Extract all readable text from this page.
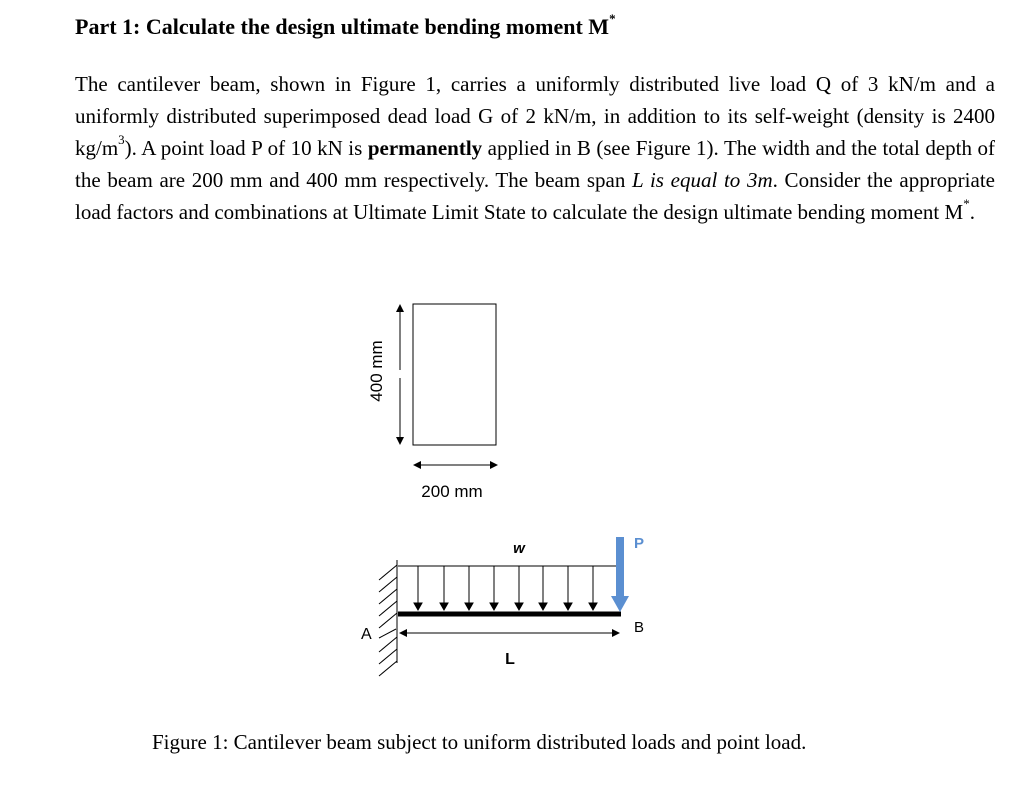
Part 1: Calculate the design ultimate bending moment M*
The cantilever beam, shown in Figure 1, carries a uniformly distributed live load Q of 3 kN/m and a uniformly distributed superimposed dead load G of 2 kN/m, in addition to its self-weight (density is 2400 $kg/m^3$). A point load P of 10 kN is permanently applied in B (see Figure 1). The width and the total depth of the beam are 200 mm and 400 mm respectively. The beam span L is equal to 3m. Consider the appropriate load factors and combinations at Ultimate Limit State to calculate the design ultimate bending moment M*.
400 mm
200 mm
A
w	P
B
L
Figure 1: Cantilever beam subject to uniform distributed loads and point load.
